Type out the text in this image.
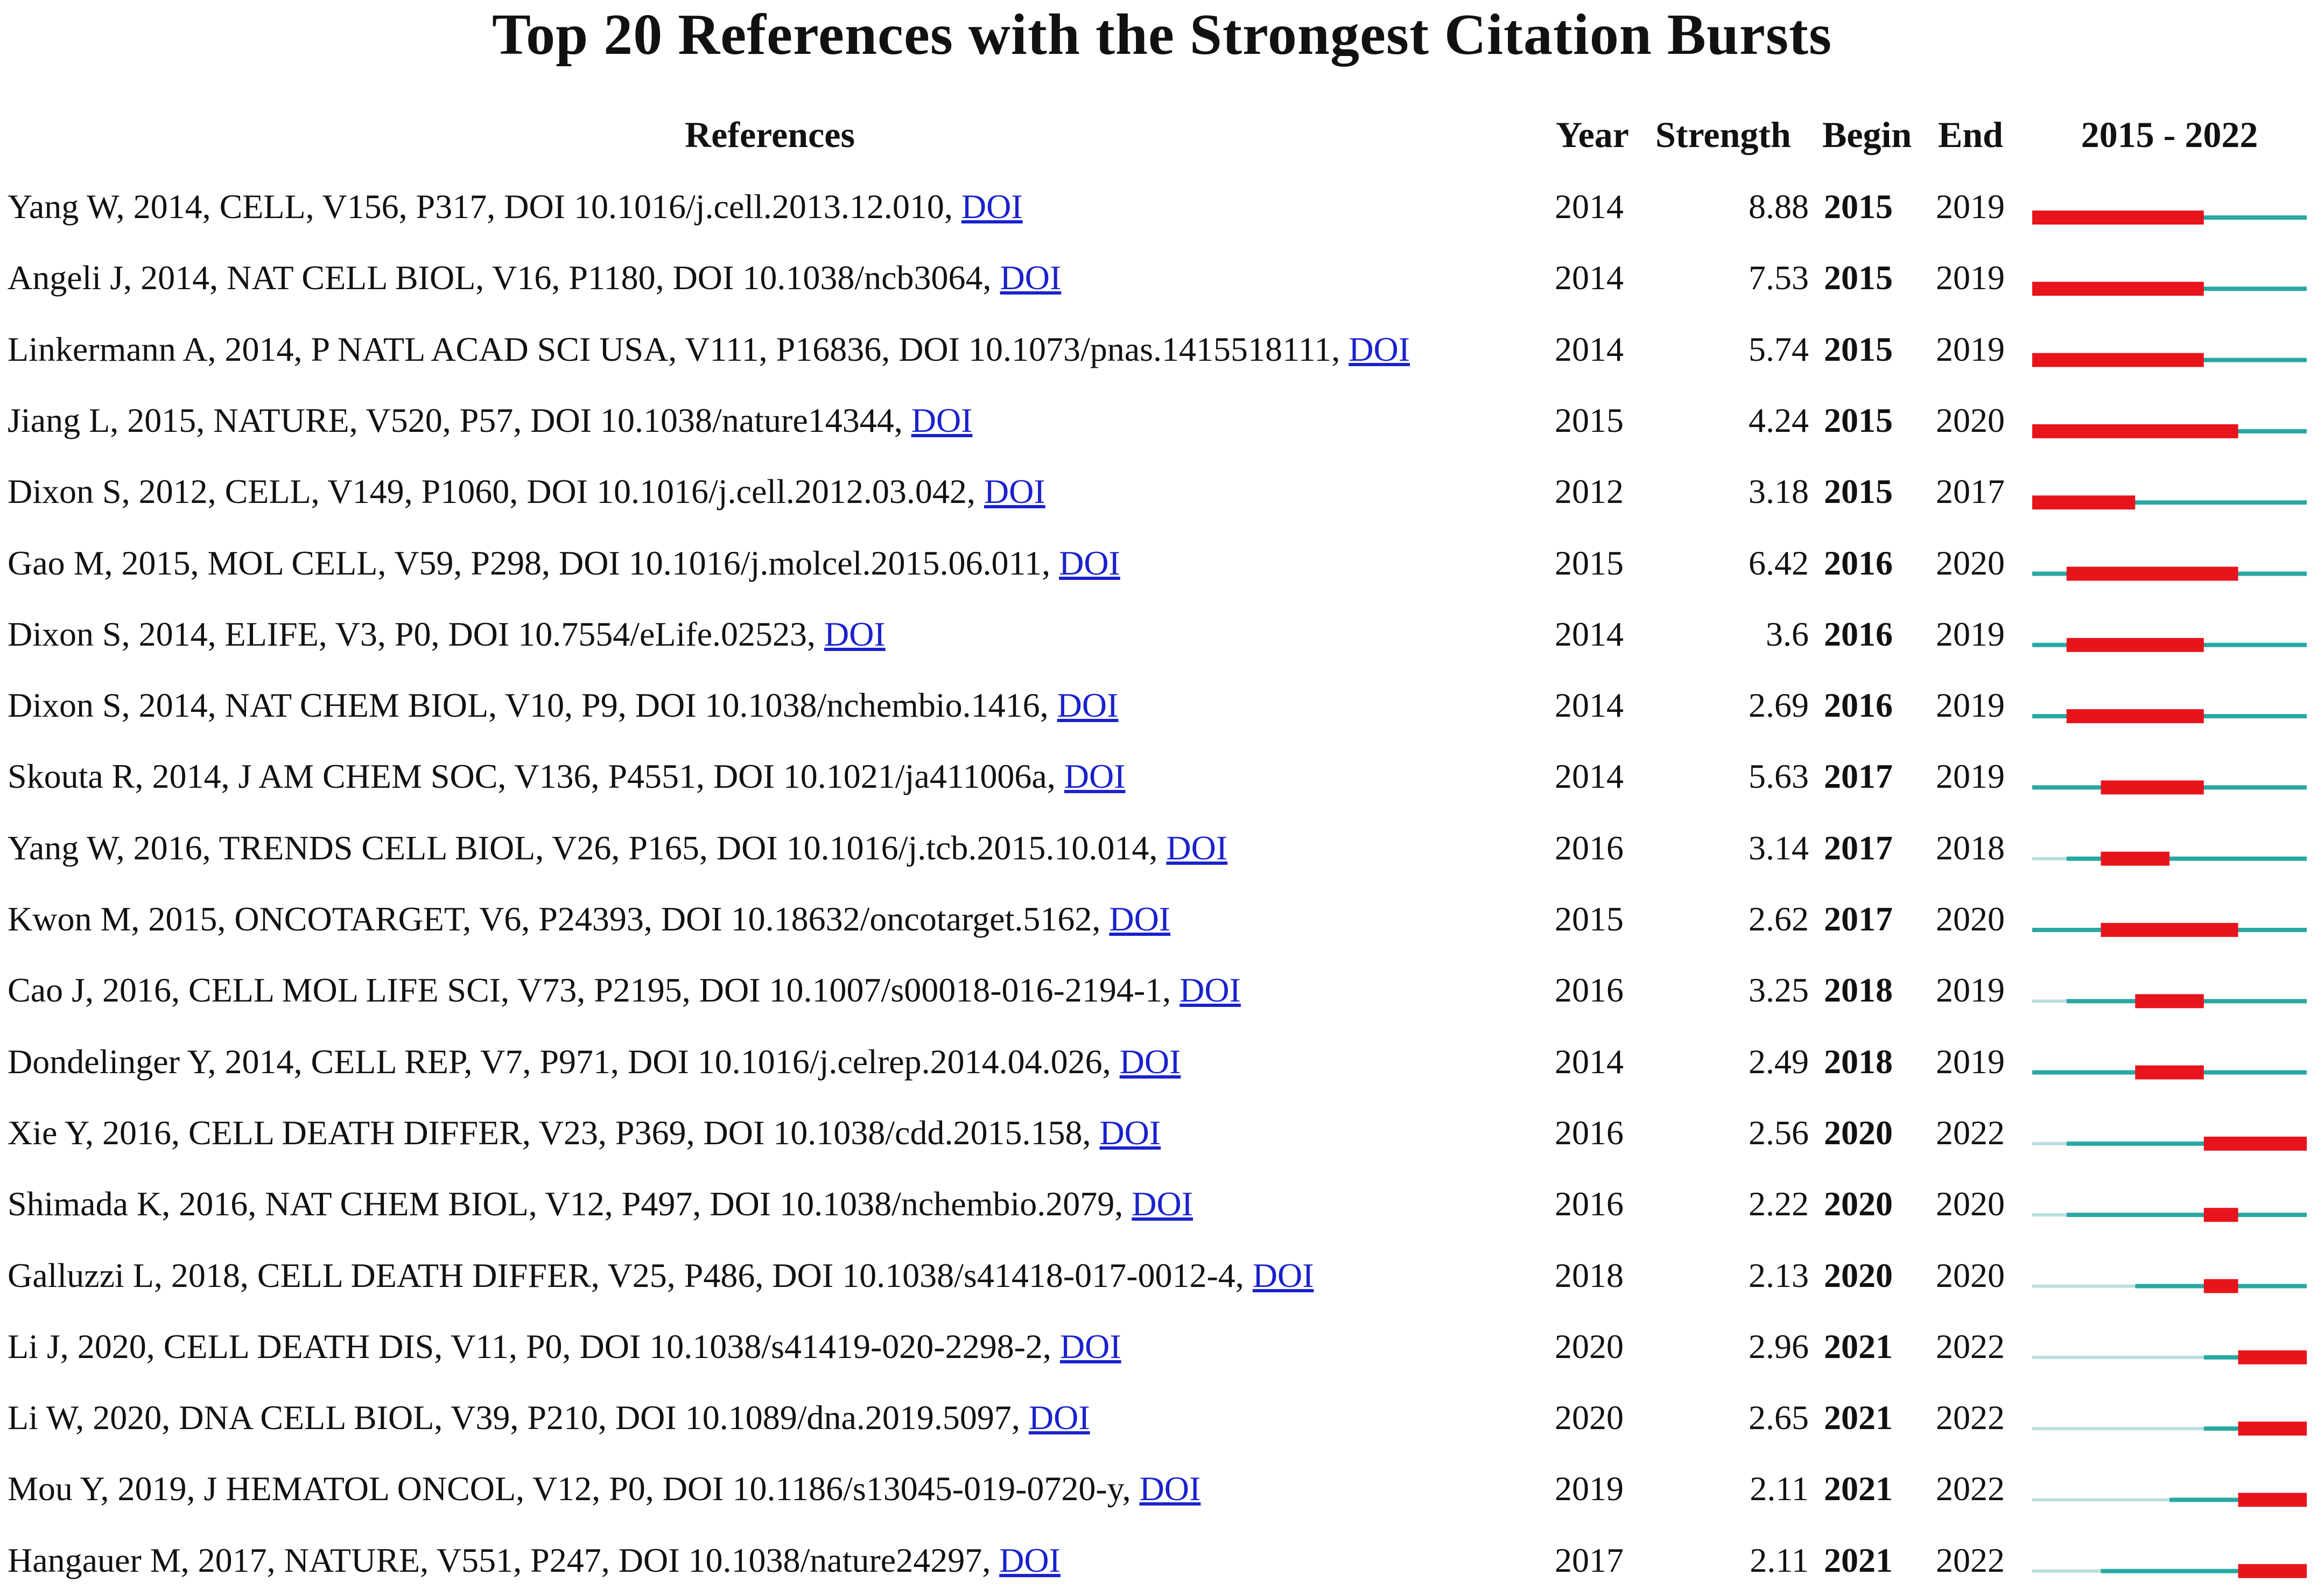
Top 20 References with the Strongest Citation Bursts
References	Year Strength Begin End	2015 - 2022
Yang W, 2014, CELL, V156, P317, DOI 10.1016/j.cell.2013.12.010, DOI	2014	8.88 2015	2019
Angeli J, 2014, NAT CELL BIOL, V16, P1180, DOI 10.1038/ncb3064, DOI	2014	7.53 2015	2019
Linkermann A, 2014, P NATL ACAD SCI USA, V111, P16836, DOI 10.1073/pnas.1415518111, DOI	2014	5.74 2015	2019
Jiang L, 2015, NATURE, V520, P57, DOI 10.1038/nature14344, DOI	2015	4.24 2015	2020
Dixon S, 2012, CELL, V149, P1060, DOI 10.1016/j.cell.2012.03.042, DOI	2012	3.18 2015	2017
Gao M, 2015, MOL CELL, V59, P298, DOI 10.1016/j.molcel.2015.06.011, DOI	2015	6.42 2016	2020
Dixon S, 2014, ELIFE, V3, P0, DOI 10.7554/eLife.02523, DOI	2014	3.6 2016	2019
Dixon S, 2014, NAT CHEM BIOL, V10, P9, DOI 10.1038/nchembio.1416, DOI	2014	2.69 2016	2019
Skouta R, 2014, J AM CHEM SOC, V136, P4551, DOI 10.1021/ja411006a, DOI	2014	5.63 2017	2019
Yang W, 2016, TRENDS CELL BIOL, V26, P165, DOI 10.1016/j.tcb.2015.10.014, DOI	2016	3.14 2017	2018
Kwon M, 2015, ONCOTARGET, V6, P24393, DOI 10.18632/oncotarget.5162, DOI	2015	2.62 2017	2020
Cao J, 2016, CELL MOL LIFE SCI, V73, P2195, DOI 10.1007/s00018-016-2194-1, DOI	2016	3.25 2018	2019
Dondelinger Y, 2014, CELL REP, V7, P971, DOI 10.1016/j.celrep.2014.04.026, DOI	2014	2.49 2018	2019
Xie Y, 2016, CELL DEATH DIFFER, V23, P369, DOI 10.1038/cdd.2015.158, DOI	2016	2.56 2020	2022
Shimada K, 2016, NAT CHEM BIOL, V12, P497, DOI 10.1038/nchembio.2079, DOI	2016	2.22 2020	2020
Galluzzi L, 2018, CELL DEATH DIFFER, V25, P486, DOI 10.1038/s41418-017-0012-4, DOI	2018	2.13 2020	2020
Li J, 2020, CELL DEATH DIS, V11, P0, DOI 10.1038/s41419-020-2298-2, DOI	2020	2.96 2021	2022
Li W, 2020, DNA CELL BIOL, V39, P210, DOI 10.1089/dna.2019.5097, DOI	2020	2.65 2021	2022
Mou Y, 2019, J HEMATOL ONCOL, V12, P0, DOI 10.1186/s13045-019-0720-y, DOI	2019	2.11 2021	2022
Hangauer M, 2017, NATURE, V551, P247, DOI 10.1038/nature24297, DOI	2017	2.11 2021	2022
